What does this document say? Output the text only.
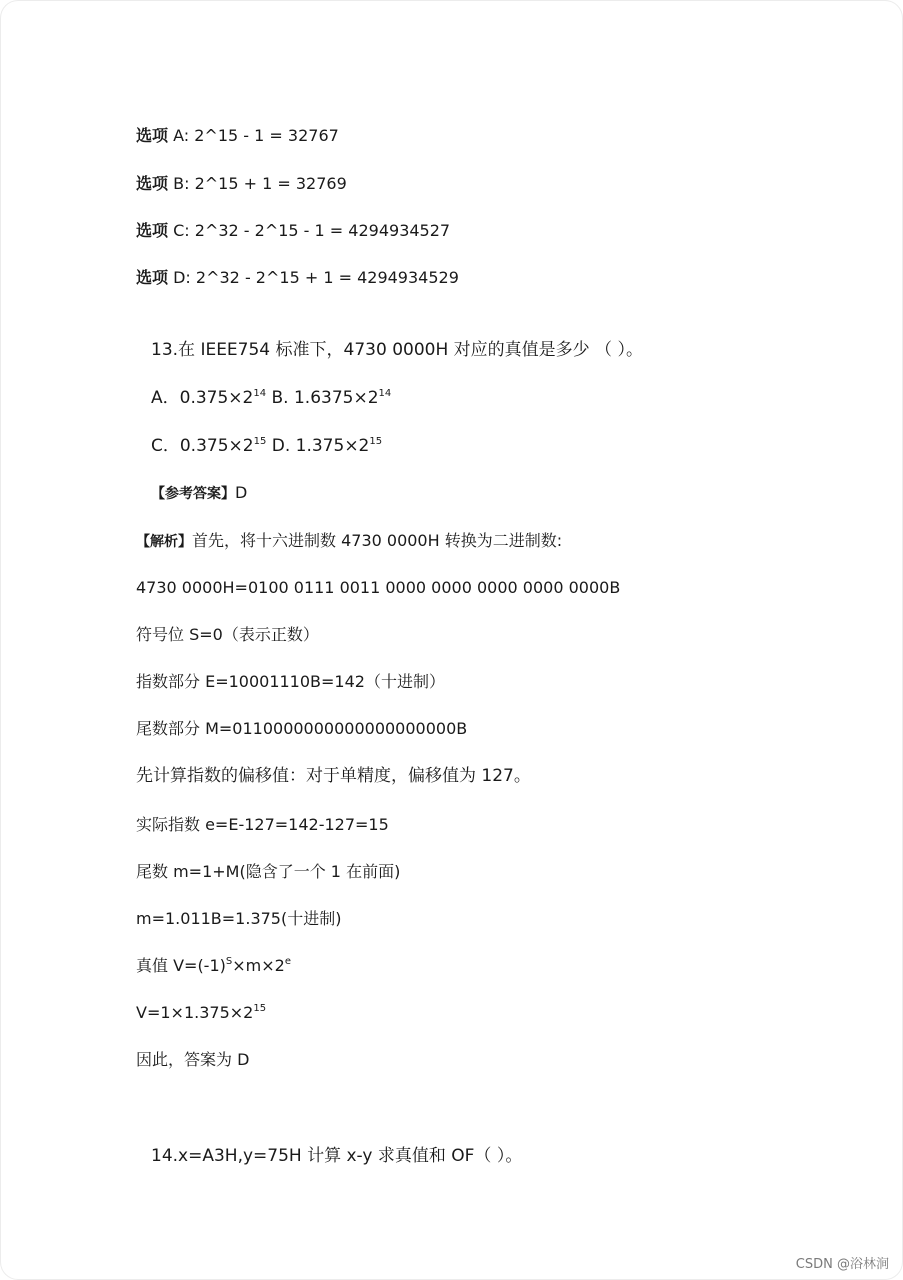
选项 A: 2^15 - 1 = 32767
选项 B: 2^15 + 1 = 32769
选项 C: 2^32 - 2^15 - 1 = 4294934527
选项 D: 2^32 - 2^15 + 1 = 4294934529
13.在 IEEE754 标准下，4730 0000H 对应的真值是多少 （ ）。
A．$0.375\times 2^{14}$ B. $1.6375\times 2^{14}$
C．$0.375\times 2^{15}$ D. $1.375\times 2^{15}$
【参考答案】D
【解析】首先，将十六进制数 4730 0000H 转换为二进制数:
4730 0000H=0100 0111 0011 0000 0000 0000 0000 0000B
符号位 S=0（表示正数）
指数部分 E=10001110B=142（十进制）
尾数部分 M=0110000000000000000000B
先计算指数的偏移值：对于单精度，偏移值为 127。
实际指数 e=E-127=142-127=15
尾数 m=1+M(隐含了一个 1 在前面)
m=1.011B=1.375(十进制)
真值 $V=(-1)^S\times m\times 2^e$
$V=1\times 1.375\times 2^{15}$
因此，答案为 D
14.x=A3H,y=75H 计算 x-y 求真值和 OF（ ）。
CSDN @浴林涧
